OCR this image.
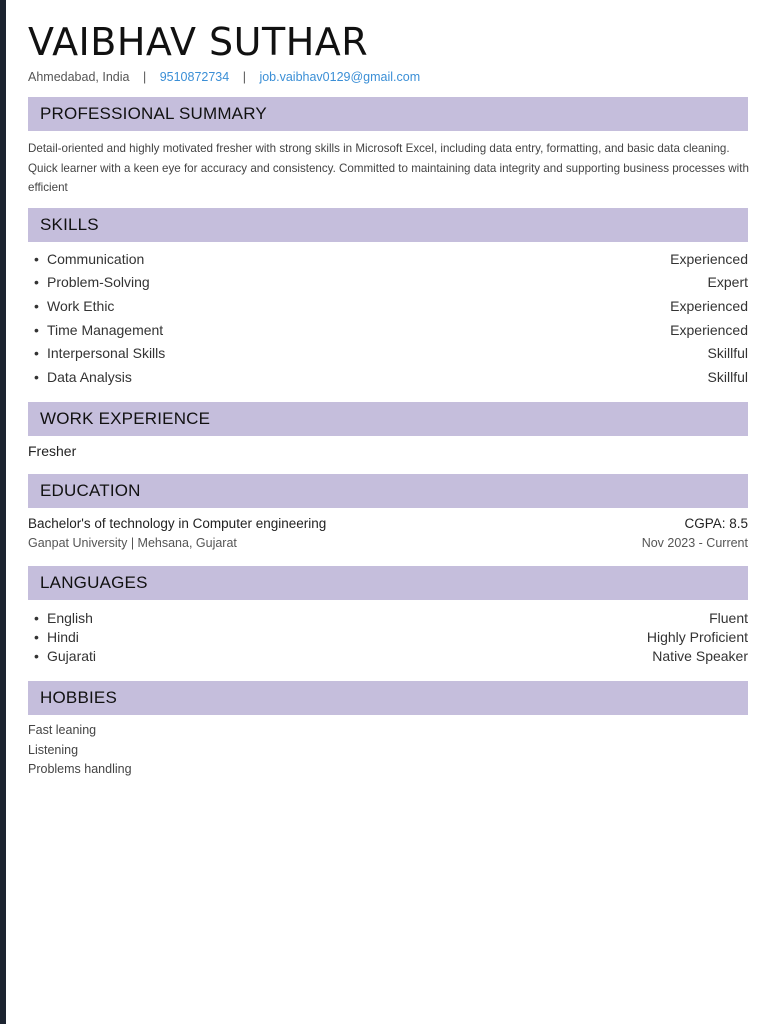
VAIBHAV SUTHAR
Ahmedabad, India | 9510872734 | job.vaibhav0129@gmail.com
PROFESSIONAL SUMMARY
Detail-oriented and highly motivated fresher with strong skills in Microsoft Excel, including data entry, formatting, and basic data cleaning. Quick learner with a keen eye for accuracy and consistency. Committed to maintaining data integrity and supporting business processes with efficient
SKILLS
• Communication	Experienced
• Problem-Solving	Expert
• Work Ethic	Experienced
• Time Management	Experienced
• Interpersonal Skills	Skillful
• Data Analysis	Skillful
WORK EXPERIENCE
Fresher
EDUCATION
Bachelor's of technology in Computer engineering	CGPA: 8.5
Ganpat University | Mehsana, Gujarat	Nov 2023 - Current
LANGUAGES
• English	Fluent
• Hindi	Highly Proficient
• Gujarati	Native Speaker
HOBBIES
Fast leaning
Listening
Problems handling
